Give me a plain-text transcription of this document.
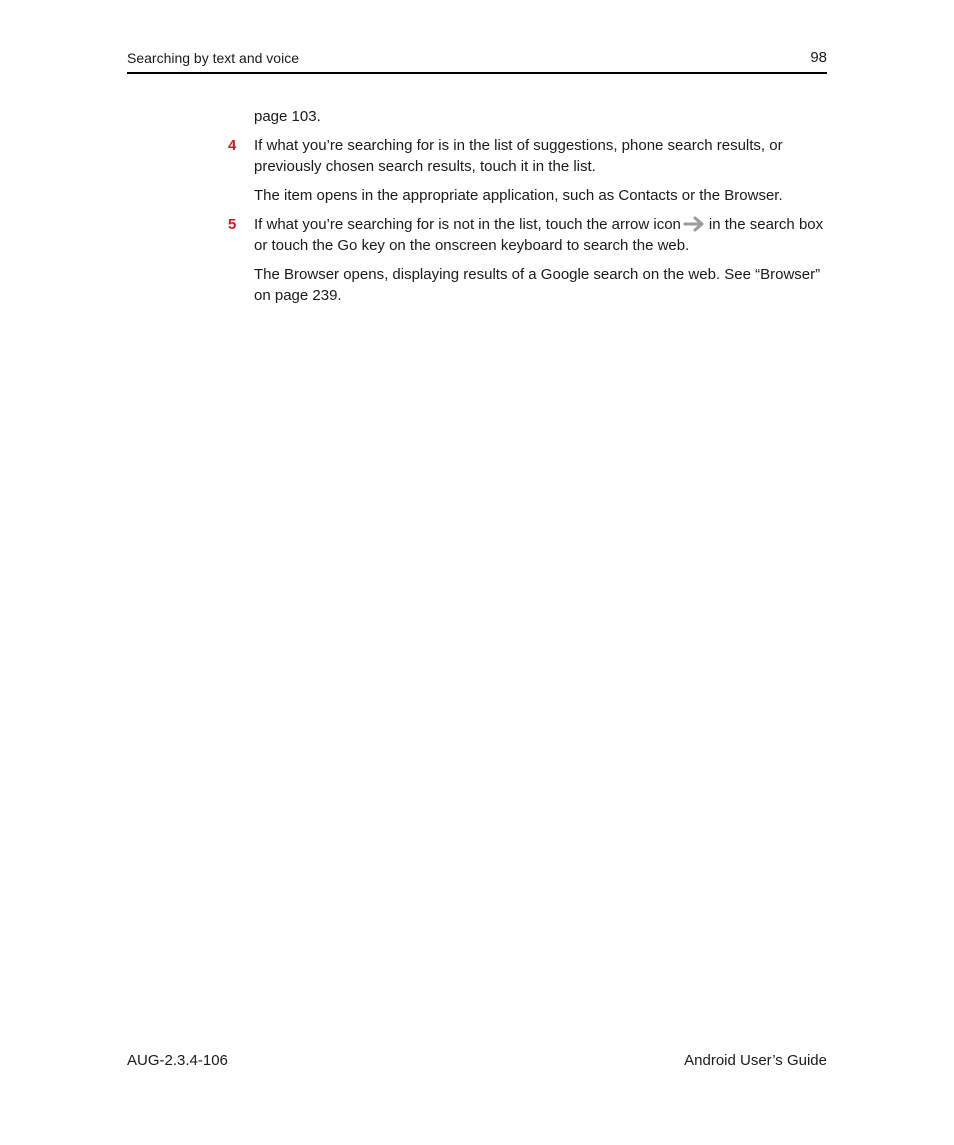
Searching by text and voice	98

page 103.

4 If what you’re searching for is in the list of suggestions, phone search results, or previously chosen search results, touch it in the list.

The item opens in the appropriate application, such as Contacts or the Browser.

5 If what you’re searching for is not in the list, touch the arrow icon in the search box or touch the Go key on the onscreen keyboard to search the web.

The Browser opens, displaying results of a Google search on the web. See “Browser” on page 239.

AUG-2.3.4-106	Android User’s Guide
